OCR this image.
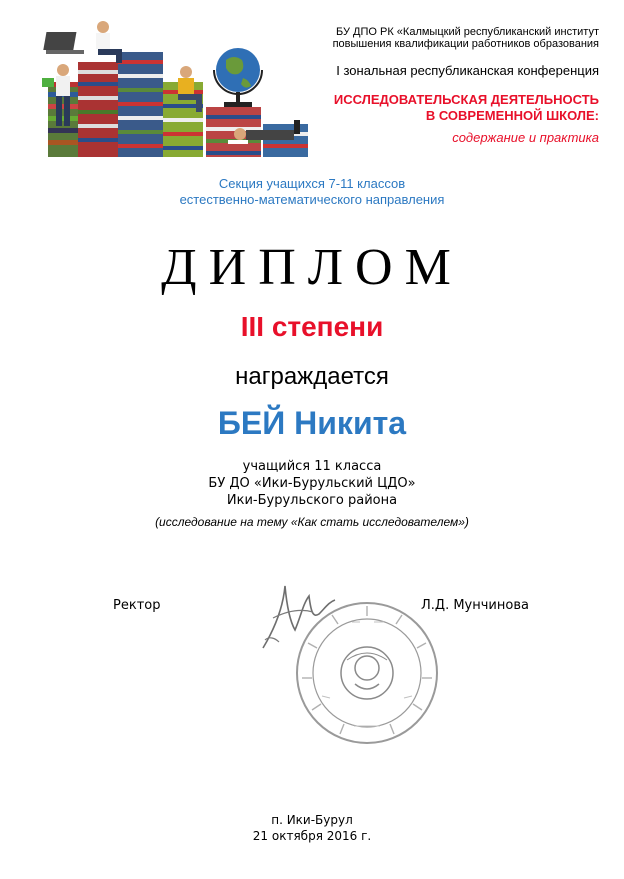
БУ ДПО РК «Калмыцкий республиканский институт
повышения квалификации работников образования
I зональная республиканская конференция
ИССЛЕДОВАТЕЛЬСКАЯ ДЕЯТЕЛЬНОСТЬ
В СОВРЕМЕННОЙ ШКОЛЕ:
содержание и практика
Секция учащихся 7-11 классов
естественно-математического направления
ДИПЛОМ
III степени
награждается
БЕЙ Никита
учащийся 11 класса
БУ ДО «Ики-Бурульский ЦДО»
Ики-Бурульского района
(исследование на тему «Как стать исследователем»)
Ректор	Л.Д. Мунчинова
п. Ики-Бурул
21 октября 2016 г.
